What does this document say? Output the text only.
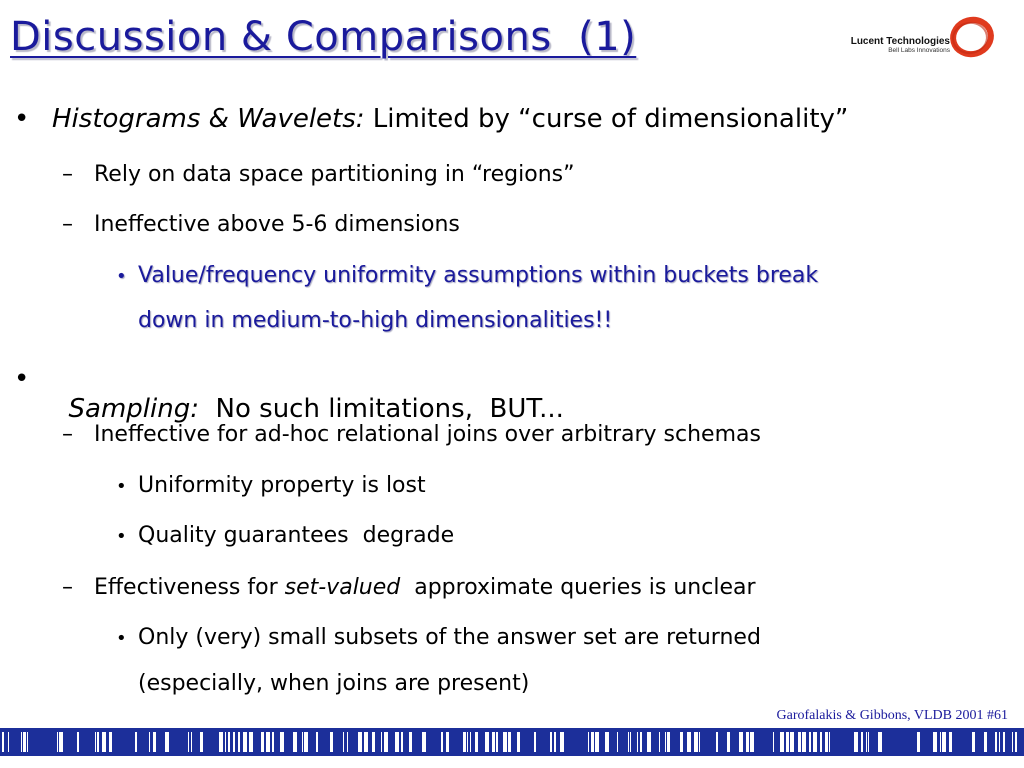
Discussion & Comparisons  (1)	Lucent Technologies
Bell Labs Innovations
• Histograms & Wavelets: Limited by “curse of dimensionality”
– Rely on data space partitioning in “regions”
– Ineffective above 5-6 dimensions
• Value/frequency uniformity assumptions within buckets break
down in medium-to-high dimensionalities!!
•

Sampling:  No such limitations,  BUT...

– Ineffective for ad-hoc relational joins over arbitrary schemas
• Uniformity property is lost
• Quality guarantees  degrade
– Effectiveness for set-valued  approximate queries is unclear
• Only (very) small subsets of the answer set are returned
(especially, when joins are present)
Garofalakis & Gibbons, VLDB 2001 #61
